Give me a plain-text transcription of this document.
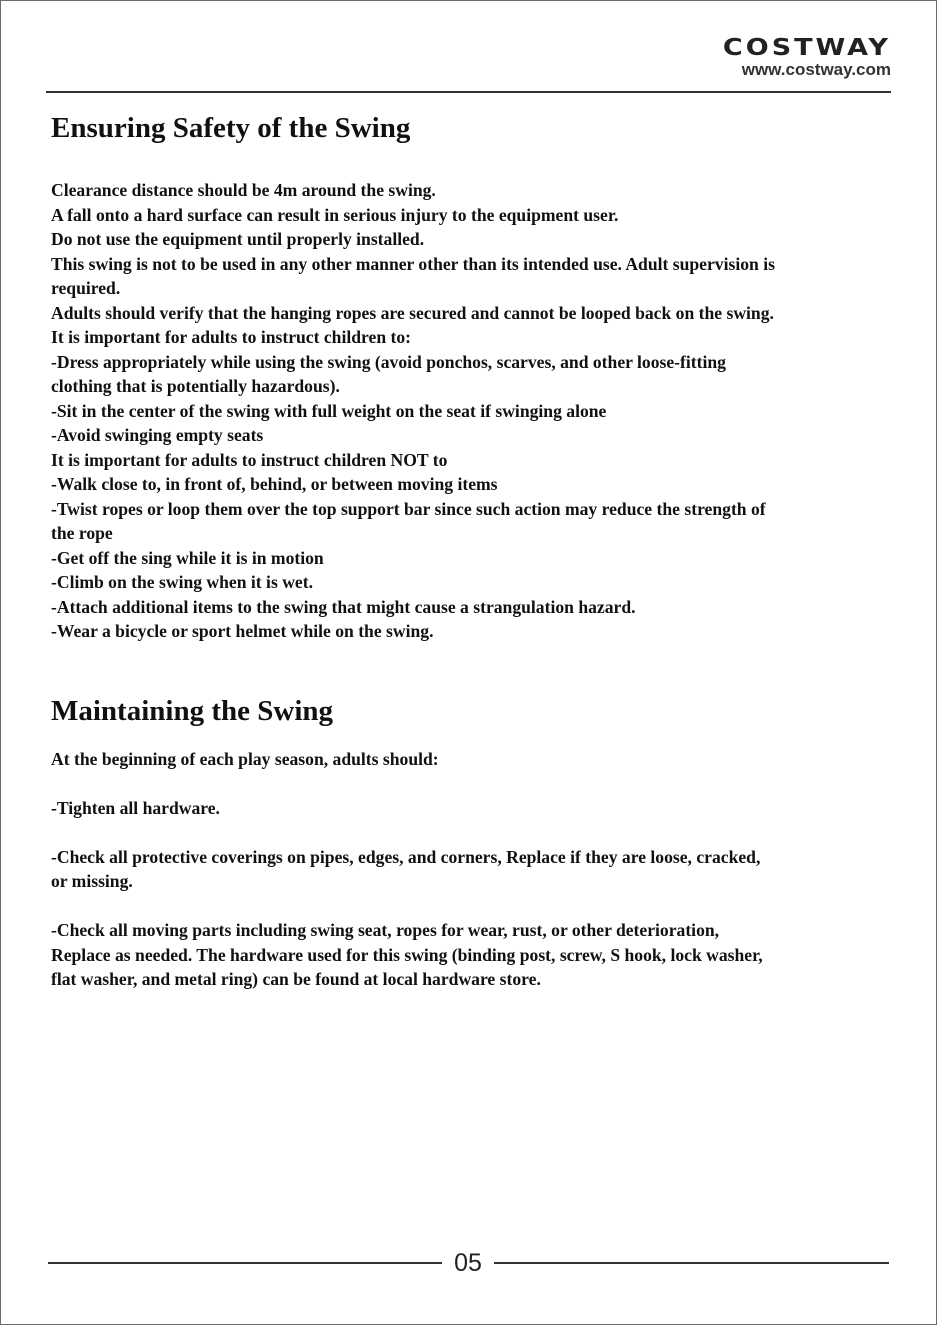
COSTWAY
www.costway.com
Ensuring Safety of the Swing
Clearance distance should be 4m around the swing.
A fall onto a hard surface can result in serious injury to the equipment user.
Do not use the equipment until properly installed.
This swing is not to be used in any other manner other than its intended use. Adult supervision is
required.
Adults should verify that the hanging ropes are secured and cannot be looped back on the swing.
It is important for adults to instruct children to:
-Dress appropriately while using the swing (avoid ponchos, scarves, and other loose-fitting
clothing that is potentially hazardous).
-Sit in the center of the swing with full weight on the seat if swinging alone
-Avoid swinging empty seats
It is important for adults to instruct children NOT to
-Walk close to, in front of, behind, or between moving items
-Twist ropes or loop them over the top support bar since such action may reduce the strength of
the rope
-Get off the sing while it is in motion
-Climb on the swing when it is wet.
-Attach additional items to the swing that might cause a strangulation hazard.
-Wear a bicycle or sport helmet while on the swing.
Maintaining the Swing
At the beginning of each play season, adults should:
-Tighten all hardware.
-Check all protective coverings on pipes, edges, and corners, Replace if they are loose, cracked,
or missing.
-Check all moving parts including swing seat, ropes for wear, rust, or other deterioration,
Replace as needed. The hardware used for this swing (binding post, screw, S hook, lock washer,
flat washer, and metal ring) can be found at local hardware store.
05
